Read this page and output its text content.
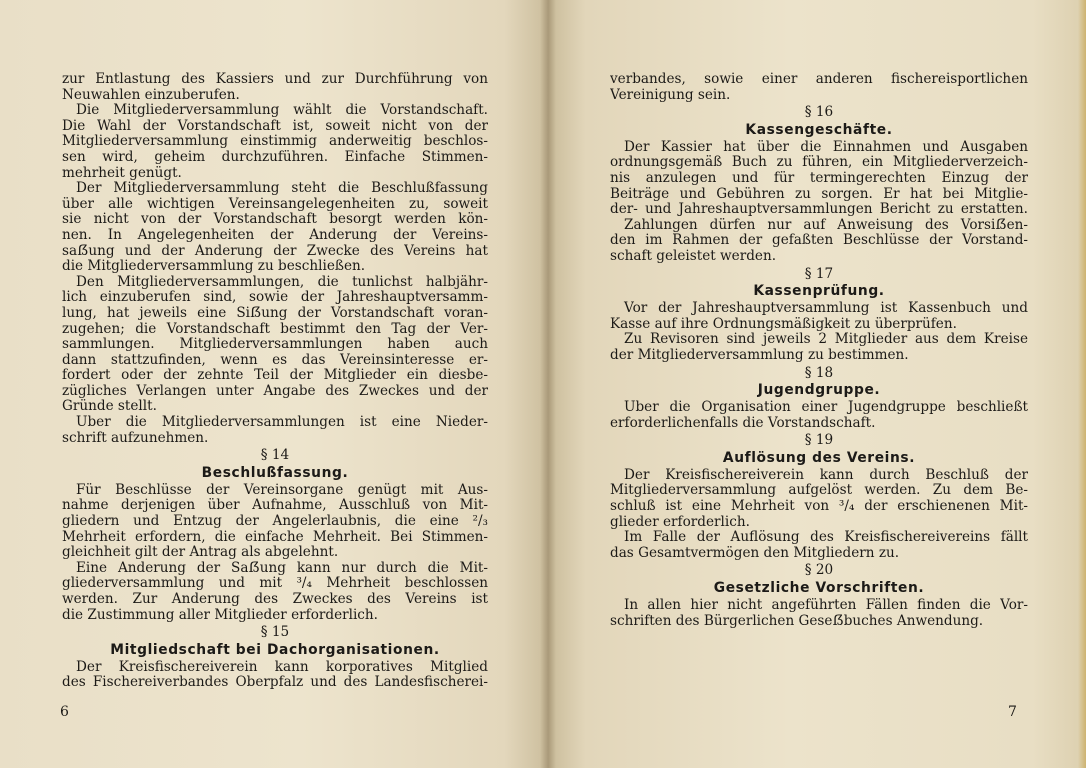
zur Entlastung des Kassiers und zur Durchführung von
Neuwahlen einzuberufen.
Die Mitgliederversammlung wählt die Vorstandschaft.
Die Wahl der Vorstandschaft ist, soweit nicht von der
Mitgliederversammlung einstimmig anderweitig beschlos-
sen wird, geheim durchzuführen. Einfache Stimmen-
mehrheit genügt.
Der Mitgliederversammlung steht die Beschlußfassung
über alle wichtigen Vereinsangelegenheiten zu, soweit
sie nicht von der Vorstandschaft besorgt werden kön-
nen. In Angelegenheiten der Änderung der Vereins-
saẞung und der Änderung der Zwecke des Vereins hat
die Mitgliederversammlung zu beschließen.
Den Mitgliederversammlungen, die tunlichst halbjähr-
lich einzuberufen sind, sowie der Jahreshauptversamm-
lung, hat jeweils eine Siẞung der Vorstandschaft voran-
zugehen; die Vorstandschaft bestimmt den Tag der Ver-
sammlungen. Mitgliederversammlungen haben auch
dann stattzufinden, wenn es das Vereinsinteresse er-
fordert oder der zehnte Teil der Mitglieder ein diesbe-
zügliches Verlangen unter Angabe des Zweckes und der
Gründe stellt.
Über die Mitgliederversammlungen ist eine Nieder-
schrift aufzunehmen.
§ 14
Beschlußfassung.
Für Beschlüsse der Vereinsorgane genügt mit Aus-
nahme derjenigen über Aufnahme, Ausschluß von Mit-
gliedern und Entzug der Angelerlaubnis, die eine ²/₃
Mehrheit erfordern, die einfache Mehrheit. Bei Stimmen-
gleichheit gilt der Antrag als abgelehnt.
Eine Änderung der Saẞung kann nur durch die Mit-
gliederversammlung und mit ³/₄ Mehrheit beschlossen
werden. Zur Änderung des Zweckes des Vereins ist
die Zustimmung aller Mitglieder erforderlich.
§ 15
Mitgliedschaft bei Dachorganisationen.
Der Kreisfischereiverein kann korporatives Mitglied
des Fischereiverbandes Oberpfalz und des Landesfischerei-
6
verbandes, sowie einer anderen fischereisportlichen
Vereinigung sein.
§ 16
Kassengeschäfte.
Der Kassier hat über die Einnahmen und Ausgaben
ordnungsgemäß Buch zu führen, ein Mitgliederverzeich-
nis anzulegen und für termingerechten Einzug der
Beiträge und Gebühren zu sorgen. Er hat bei Mitglie-
der- und Jahreshauptversammlungen Bericht zu erstatten.
Zahlungen dürfen nur auf Anweisung des Vorsiẞen-
den im Rahmen der gefaßten Beschlüsse der Vorstand-
schaft geleistet werden.
§ 17
Kassenprüfung.
Vor der Jahreshauptversammlung ist Kassenbuch und
Kasse auf ihre Ordnungsmäßigkeit zu überprüfen.
Zu Revisoren sind jeweils 2 Mitglieder aus dem Kreise
der Mitgliederversammlung zu bestimmen.
§ 18
Jugendgruppe.
Über die Organisation einer Jugendgruppe beschließt
erforderlichenfalls die Vorstandschaft.
§ 19
Auflösung des Vereins.
Der Kreisfischereiverein kann durch Beschluß der
Mitgliederversammlung aufgelöst werden. Zu dem Be-
schluß ist eine Mehrheit von ³/₄ der erschienenen Mit-
glieder erforderlich.
Im Falle der Auflösung des Kreisfischereivereins fällt
das Gesamtvermögen den Mitgliedern zu.
§ 20
Gesetzliche Vorschriften.
In allen hier nicht angeführten Fällen finden die Vor-
schriften des Bürgerlichen Geseẞbuches Anwendung.
7
